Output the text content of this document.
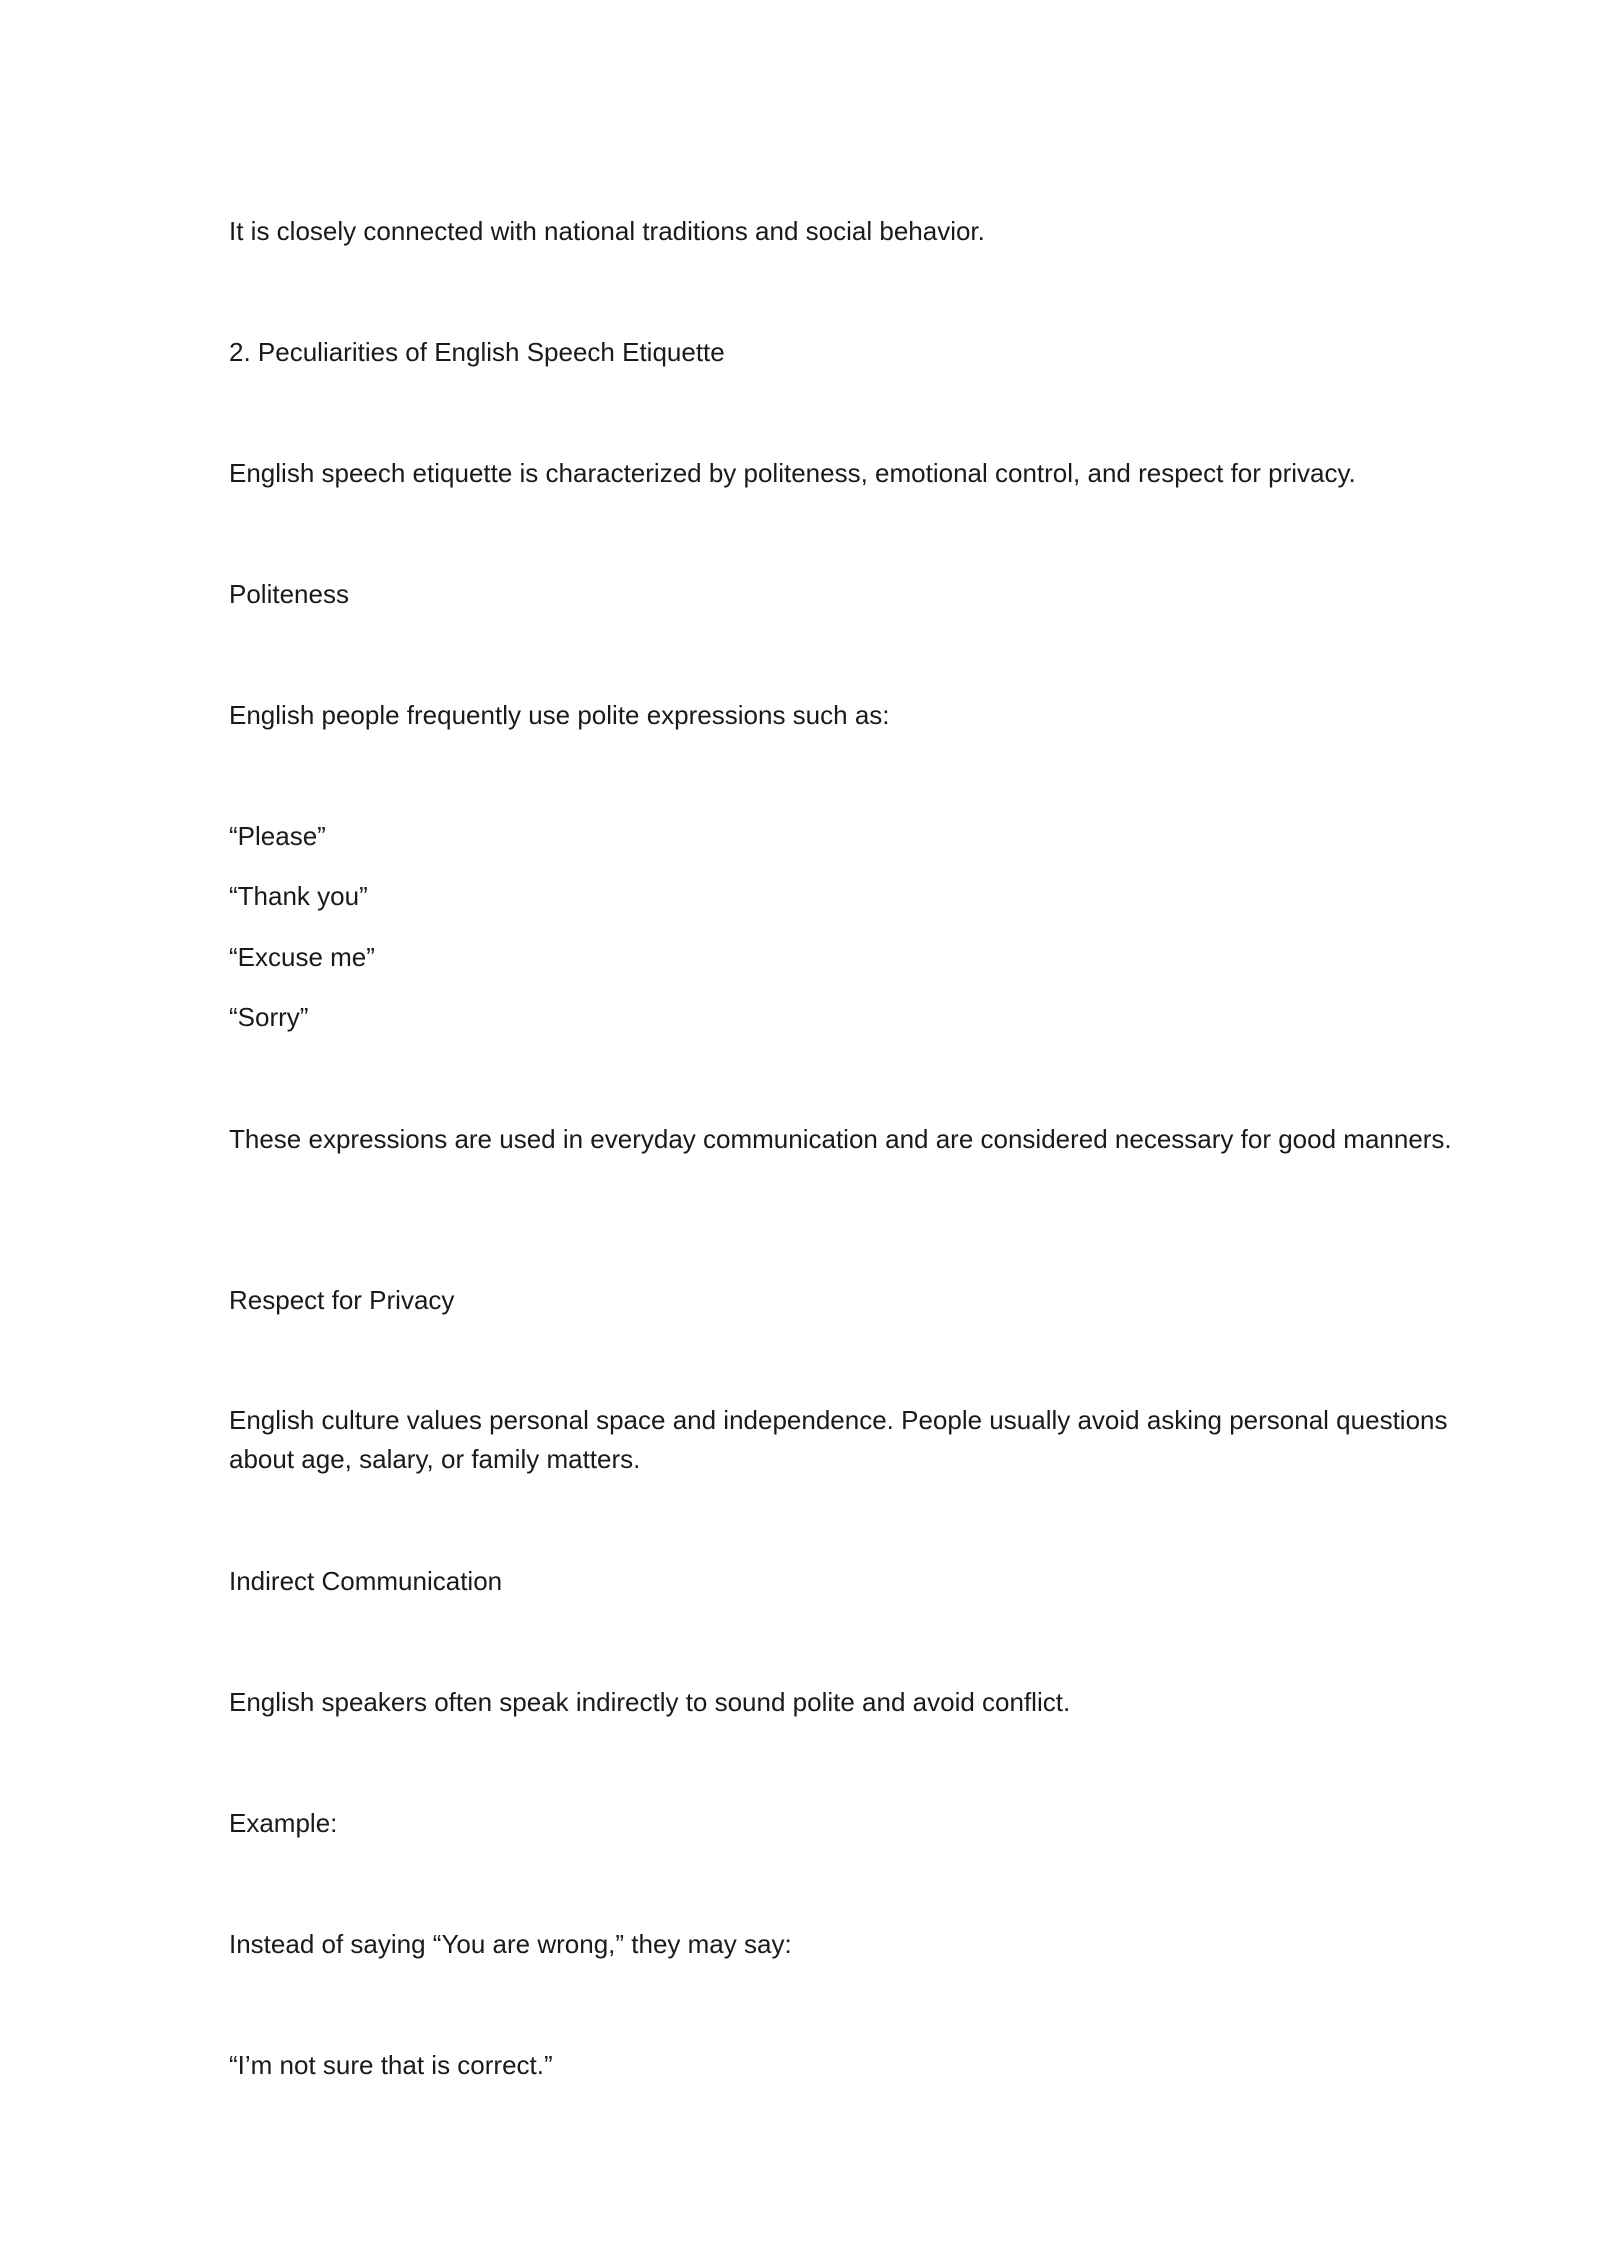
It is closely connected with national traditions and social behavior.

2. Peculiarities of English Speech Etiquette

English speech etiquette is characterized by politeness, emotional control, and respect for privacy.

Politeness

English people frequently use polite expressions such as:

“Please”

“Thank you”

“Excuse me”

“Sorry”

These expressions are used in everyday communication and are considered necessary for good manners.

Respect for Privacy

English culture values personal space and independence. People usually avoid asking personal questions about age, salary, or family matters.

Indirect Communication

English speakers often speak indirectly to sound polite and avoid conflict.

Example:

Instead of saying “You are wrong,” they may say:

“I’m not sure that is correct.”
